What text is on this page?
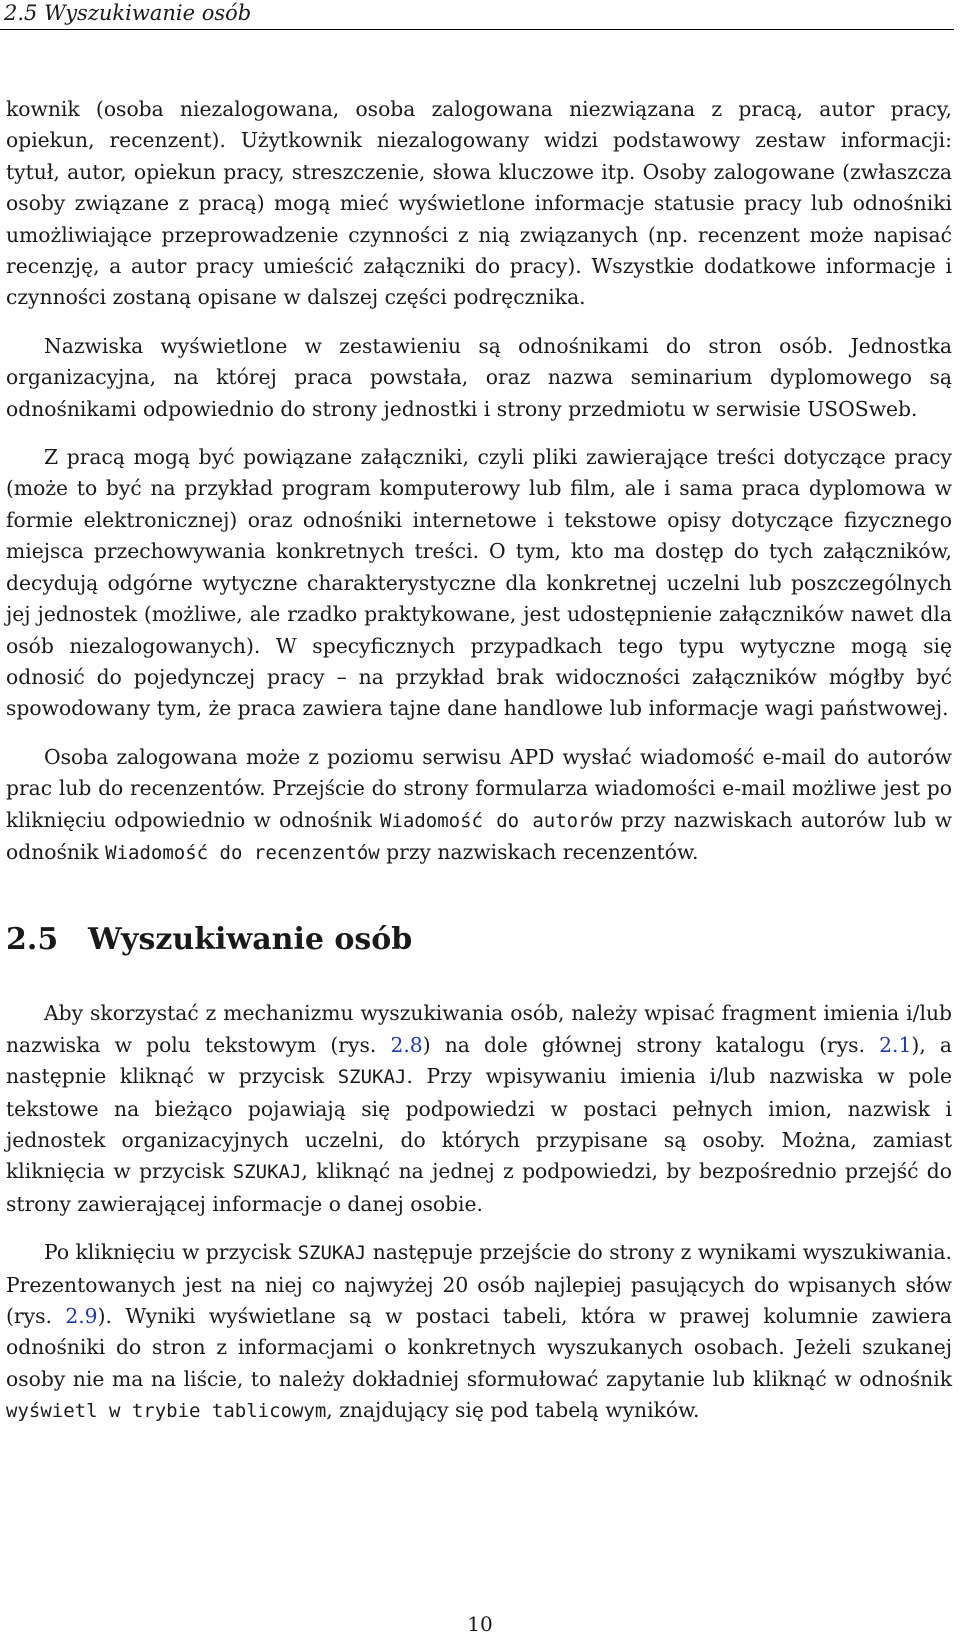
2.5 Wyszukiwanie osób

kownik (osoba niezalogowana, osoba zalogowana niezwiązana z pracą, autor pracy, opiekun, recenzent). Użytkownik niezalogowany widzi podstawowy zestaw informacji: tytuł, autor, opiekun pracy, streszczenie, słowa kluczowe itp. Osoby zalogowane (zwłaszcza osoby związane z pracą) mogą mieć wyświetlone informacje statusie pracy lub odnośniki umożliwiające przeprowadzenie czynności z nią związanych (np. recenzent może napisać recenzję, a autor pracy umieścić załączniki do pracy). Wszystkie dodatkowe informacje i czynności zostaną opisane w dalszej części podręcznika.

Nazwiska wyświetlone w zestawieniu są odnośnikami do stron osób. Jednostka organizacyjna, na której praca powstała, oraz nazwa seminarium dyplomowego są odnośnikami odpowiednio do strony jednostki i strony przedmiotu w serwisie USOSweb.

Z pracą mogą być powiązane załączniki, czyli pliki zawierające treści dotyczące pracy (może to być na przykład program komputerowy lub film, ale i sama praca dyplomowa w formie elektronicznej) oraz odnośniki internetowe i tekstowe opisy dotyczące fizycznego miejsca przechowywania konkretnych treści. O tym, kto ma dostęp do tych załączników, decydują odgórne wytyczne charakterystyczne dla konkretnej uczelni lub poszczególnych jej jednostek (możliwe, ale rzadko praktykowane, jest udostępnienie załączników nawet dla osób niezalogowanych). W specyficznych przypadkach tego typu wytyczne mogą się odnosić do pojedynczej pracy – na przykład brak widoczności załączników mógłby być spowodowany tym, że praca zawiera tajne dane handlowe lub informacje wagi państwowej.

Osoba zalogowana może z poziomu serwisu APD wysłać wiadomość e-mail do autorów prac lub do recenzentów. Przejście do strony formularza wiadomości e-mail możliwe jest po kliknięciu odpowiednio w odnośnik Wiadomość do autorów przy nazwiskach autorów lub w odnośnik Wiadomość do recenzentów przy nazwiskach recenzentów.

2.5 Wyszukiwanie osób

Aby skorzystać z mechanizmu wyszukiwania osób, należy wpisać fragment imienia i/lub nazwiska w polu tekstowym (rys. 2.8) na dole głównej strony katalogu (rys. 2.1), a następnie kliknąć w przycisk SZUKAJ. Przy wpisywaniu imienia i/lub nazwiska w pole tekstowe na bieżąco pojawiają się podpowiedzi w postaci pełnych imion, nazwisk i jednostek organizacyjnych uczelni, do których przypisane są osoby. Można, zamiast kliknięcia w przycisk SZUKAJ, kliknąć na jednej z podpowiedzi, by bezpośrednio przejść do strony zawierającej informacje o danej osobie.

Po kliknięciu w przycisk SZUKAJ następuje przejście do strony z wynikami wyszukiwania. Prezentowanych jest na niej co najwyżej 20 osób najlepiej pasujących do wpisanych słów (rys. 2.9). Wyniki wyświetlane są w postaci tabeli, która w prawej kolumnie zawiera odnośniki do stron z informacjami o konkretnych wyszukanych osobach. Jeżeli szukanej osoby nie ma na liście, to należy dokładniej sformułować zapytanie lub kliknąć w odnośnik wyświetl w trybie tablicowym, znajdujący się pod tabelą wyników.

10
